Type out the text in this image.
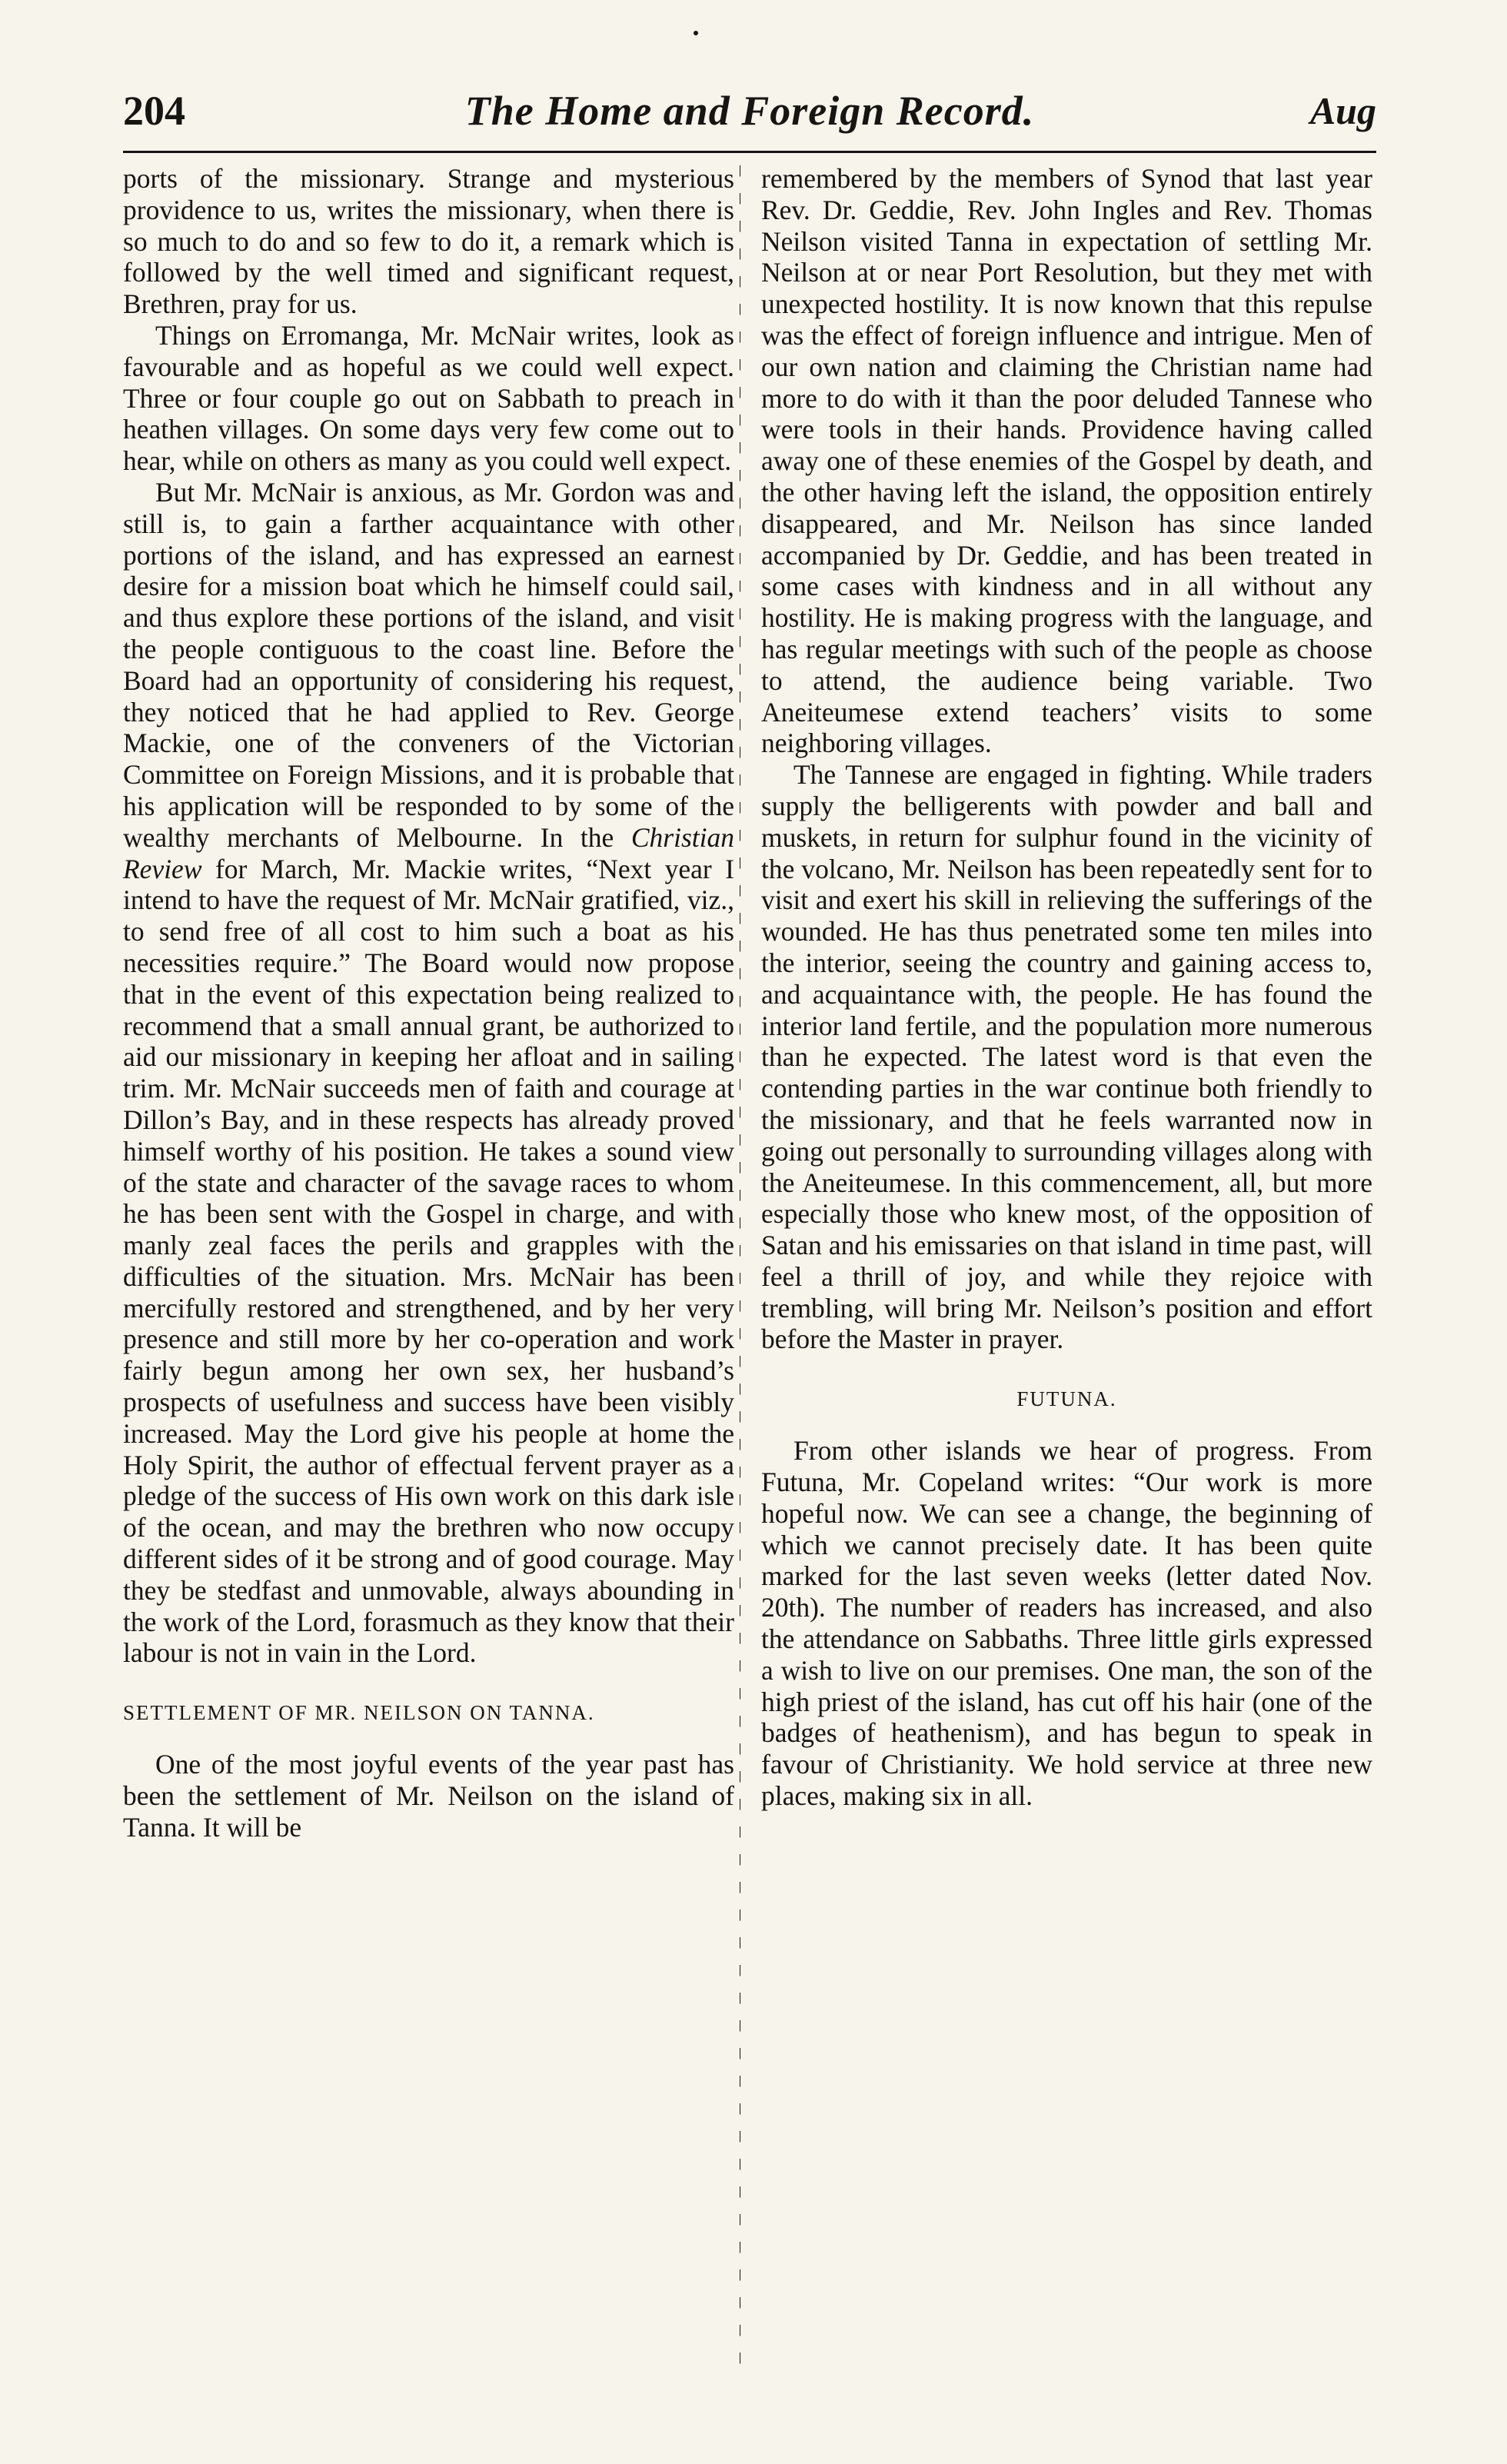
204	The Home and Foreign Record.	Aug

ports of the missionary. Strange and mysterious providence to us, writes the missionary, when there is so much to do and so few to do it, a remark which is followed by the well timed and significant request, Brethren, pray for us.

Things on Erromanga, Mr. McNair writes, look as favourable and as hopeful as we could well expect. Three or four couple go out on Sabbath to preach in heathen villages. On some days very few come out to hear, while on others as many as you could well expect.

But Mr. McNair is anxious, as Mr. Gordon was and still is, to gain a farther acquaintance with other portions of the island, and has expressed an earnest desire for a mission boat which he himself could sail, and thus explore these portions of the island, and visit the people contiguous to the coast line. Before the Board had an opportunity of considering his request, they noticed that he had applied to Rev. George Mackie, one of the conveners of the Victorian Committee on Foreign Missions, and it is probable that his application will be responded to by some of the wealthy merchants of Melbourne. In the Christian Review for March, Mr. Mackie writes, “Next year I intend to have the request of Mr. McNair gratified, viz., to send free of all cost to him such a boat as his necessities require.” The Board would now propose that in the event of this expectation being realized to recommend that a small annual grant, be authorized to aid our missionary in keeping her afloat and in sailing trim. Mr. McNair succeeds men of faith and courage at Dillon’s Bay, and in these respects has already proved himself worthy of his position. He takes a sound view of the state and character of the savage races to whom he has been sent with the Gospel in charge, and with manly zeal faces the perils and grapples with the difficulties of the situation. Mrs. McNair has been mercifully restored and strengthened, and by her very presence and still more by her co-operation and work fairly begun among her own sex, her husband’s prospects of usefulness and success have been visibly increased. May the Lord give his people at home the Holy Spirit, the author of effectual fervent prayer as a pledge of the success of His own work on this dark isle of the ocean, and may the brethren who now occupy different sides of it be strong and of good courage. May they be stedfast and unmovable, always abounding in the work of the Lord, forasmuch as they know that their labour is not in vain in the Lord.

SETTLEMENT OF MR. NEILSON ON TANNA.

One of the most joyful events of the year past has been the settlement of Mr. Neilson on the island of Tanna. It will be

remembered by the members of Synod that last year Rev. Dr. Geddie, Rev. John Ingles and Rev. Thomas Neilson visited Tanna in expectation of settling Mr. Neilson at or near Port Resolution, but they met with unexpected hostility. It is now known that this repulse was the effect of foreign influence and intrigue. Men of our own nation and claiming the Christian name had more to do with it than the poor deluded Tannese who were tools in their hands. Providence having called away one of these enemies of the Gospel by death, and the other having left the island, the opposition entirely disappeared, and Mr. Neilson has since landed accompanied by Dr. Geddie, and has been treated in some cases with kindness and in all without any hostility. He is making progress with the language, and has regular meetings with such of the people as choose to attend, the audience being variable. Two Aneiteumese extend teachers’ visits to some neighboring villages.

The Tannese are engaged in fighting. While traders supply the belligerents with powder and ball and muskets, in return for sulphur found in the vicinity of the volcano, Mr. Neilson has been repeatedly sent for to visit and exert his skill in relieving the sufferings of the wounded. He has thus penetrated some ten miles into the interior, seeing the country and gaining access to, and acquaintance with, the people. He has found the interior land fertile, and the population more numerous than he expected. The latest word is that even the contending parties in the war continue both friendly to the missionary, and that he feels warranted now in going out personally to surrounding villages along with the Aneiteumese. In this commencement, all, but more especially those who knew most, of the opposition of Satan and his emissaries on that island in time past, will feel a thrill of joy, and while they rejoice with trembling, will bring Mr. Neilson’s position and effort before the Master in prayer.

FUTUNA.

From other islands we hear of progress. From Futuna, Mr. Copeland writes: “Our work is more hopeful now. We can see a change, the beginning of which we cannot precisely date. It has been quite marked for the last seven weeks (letter dated Nov. 20th). The number of readers has increased, and also the attendance on Sabbaths. Three little girls expressed a wish to live on our premises. One man, the son of the high priest of the island, has cut off his hair (one of the badges of heathenism), and has begun to speak in favour of Christianity. We hold service at three new places, making six in all.
